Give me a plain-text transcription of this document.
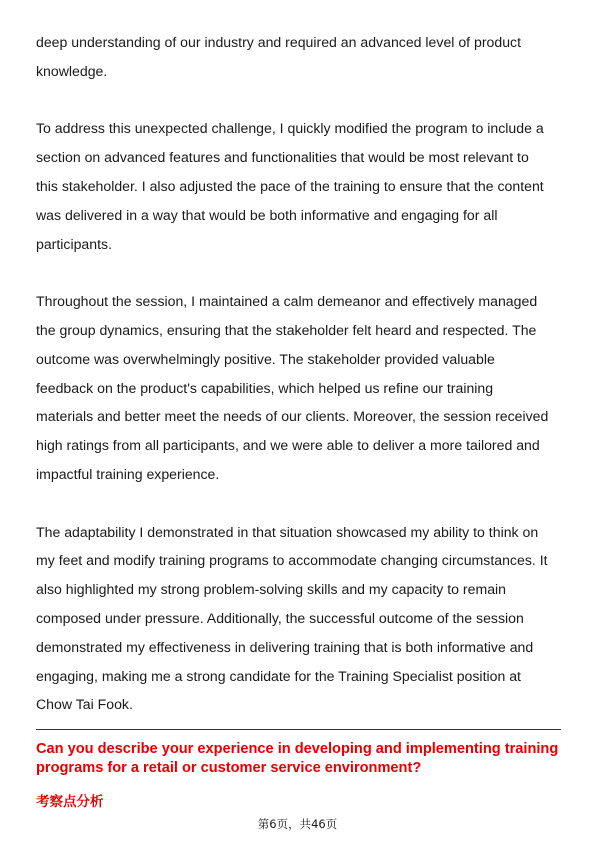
deep understanding of our industry and required an advanced level of product
knowledge.
To address this unexpected challenge, I quickly modified the program to include a
section on advanced features and functionalities that would be most relevant to
this stakeholder. I also adjusted the pace of the training to ensure that the content
was delivered in a way that would be both informative and engaging for all
participants.
Throughout the session, I maintained a calm demeanor and effectively managed
the group dynamics, ensuring that the stakeholder felt heard and respected. The
outcome was overwhelmingly positive. The stakeholder provided valuable
feedback on the product's capabilities, which helped us refine our training
materials and better meet the needs of our clients. Moreover, the session received
high ratings from all participants, and we were able to deliver a more tailored and
impactful training experience.
The adaptability I demonstrated in that situation showcased my ability to think on
my feet and modify training programs to accommodate changing circumstances. It
also highlighted my strong problem-solving skills and my capacity to remain
composed under pressure. Additionally, the successful outcome of the session
demonstrated my effectiveness in delivering training that is both informative and
engaging, making me a strong candidate for the Training Specialist position at
Chow Tai Fook.
Can you describe your experience in developing and implementing training
programs for a retail or customer service environment?
考察点分析
第6页，共46页
